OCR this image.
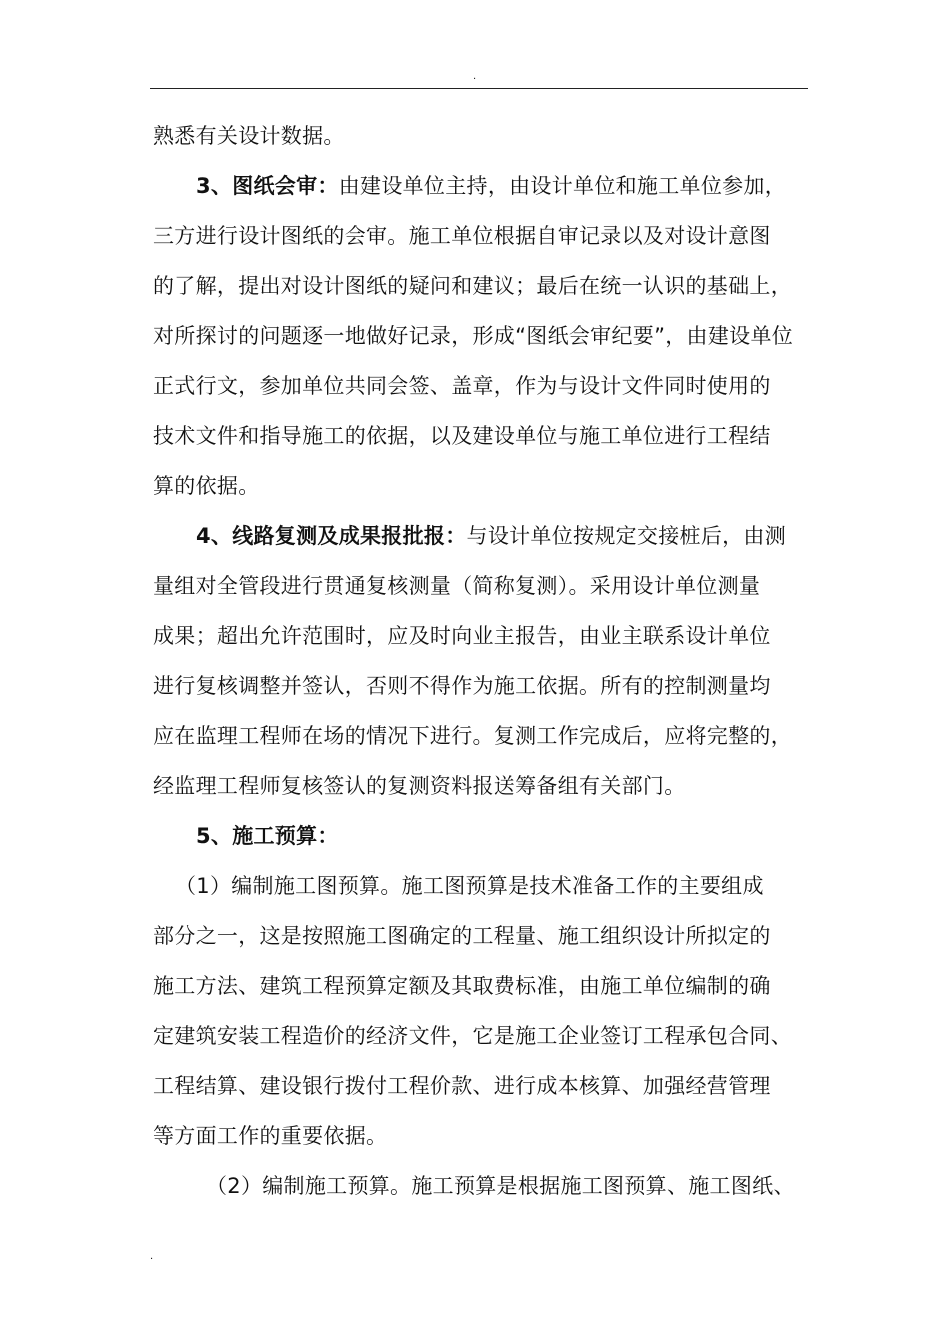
.

熟悉有关设计数据。

3、图纸会审：由建设单位主持，由设计单位和施工单位参加，

三方进行设计图纸的会审。施工单位根据自审记录以及对设计意图

的了解，提出对设计图纸的疑问和建议；最后在统一认识的基础上，

对所探讨的问题逐一地做好记录，形成“图纸会审纪要”，由建设单位

正式行文，参加单位共同会签、盖章，作为与设计文件同时使用的

技术文件和指导施工的依据，以及建设单位与施工单位进行工程结

算的依据。

4、线路复测及成果报批报：与设计单位按规定交接桩后，由测

量组对全管段进行贯通复核测量（简称复测）。采用设计单位测量

成果；超出允许范围时，应及时向业主报告，由业主联系设计单位

进行复核调整并签认，否则不得作为施工依据。所有的控制测量均

应在监理工程师在场的情况下进行。复测工作完成后，应将完整的，

经监理工程师复核签认的复测资料报送筹备组有关部门。

5、施工预算：

（1）编制施工图预算。施工图预算是技术准备工作的主要组成

部分之一，这是按照施工图确定的工程量、施工组织设计所拟定的

施工方法、建筑工程预算定额及其取费标准，由施工单位编制的确

定建筑安装工程造价的经济文件，它是施工企业签订工程承包合同、

工程结算、建设银行拨付工程价款、进行成本核算、加强经营管理

等方面工作的重要依据。

（2）编制施工预算。施工预算是根据施工图预算、施工图纸、

.
